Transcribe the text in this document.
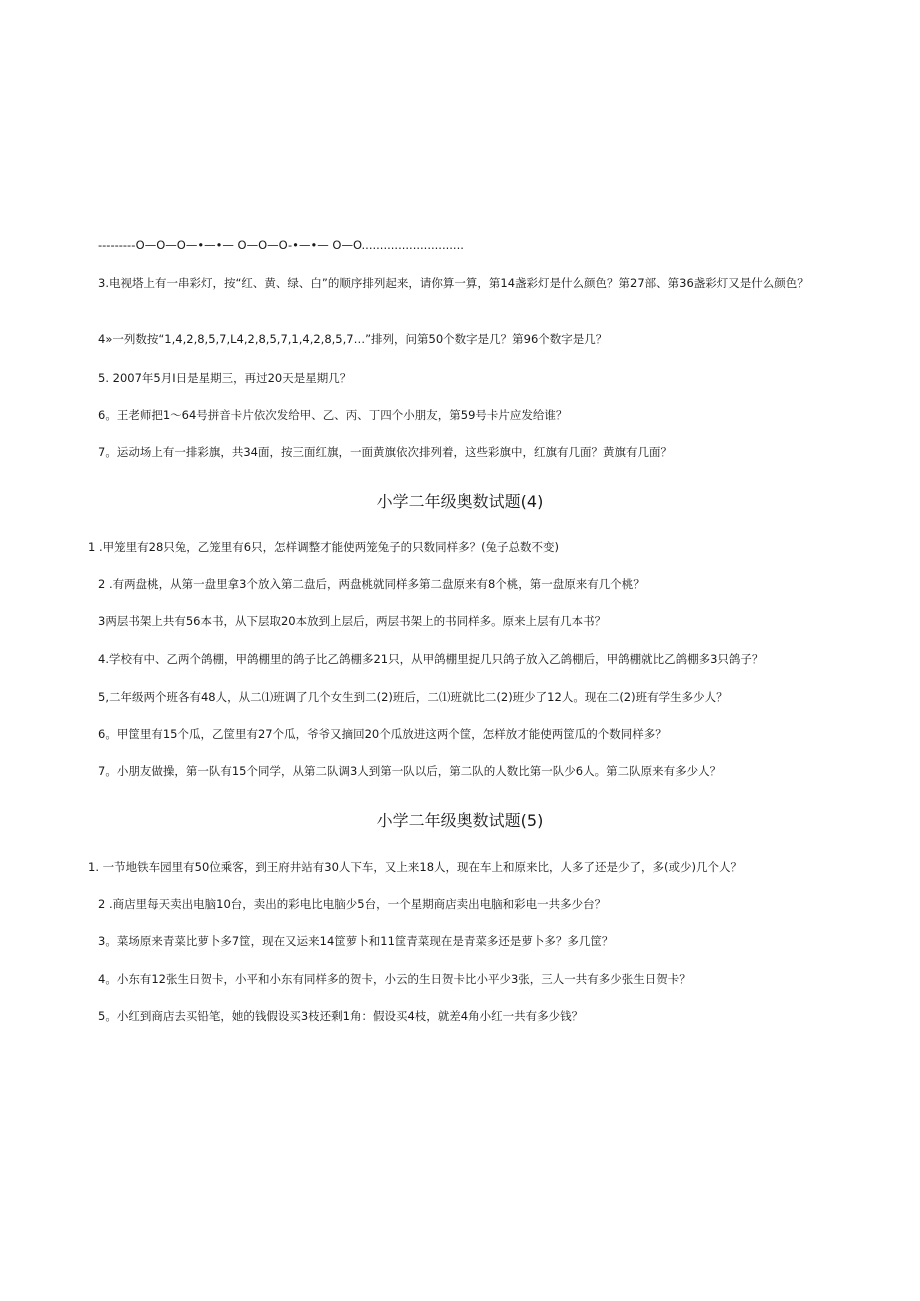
---------O—O—O—•—•— O—O—O-•—•— O—O............................
3.电视塔上有一串彩灯，按“红、黄、绿、白”的顺序排列起来，请你算一算，第14盏彩灯是什么颜色？第27部、第36盏彩灯又是什么颜色？
4»一列数按“1,4,2,8,5,7,L4,2,8,5,7,1,4,2,8,5,7…”排列，问第50个数字是几？第96个数字是几？
5. 2007年5月I日是星期三，再过20天是星期几？
6。王老师把1〜64号拼音卡片依次发给甲、乙、丙、丁四个小朋友，第59号卡片应发给谁？
7。运动场上有一排彩旗，共34面，按三面红旗，一面黄旗依次排列着，这些彩旗中，红旗有几面？黄旗有几面？
小学二年级奥数试题(4)
1 .甲笼里有28只兔，乙笼里有6只，怎样调整才能使两笼兔子的只数同样多？(兔子总数不变)
2 .有两盘桃，从第一盘里拿3个放入第二盘后，两盘桃就同样多第二盘原来有8个桃，第一盘原来有几个桃？
3两层书架上共有56本书，从下层取20本放到上层后，两层书架上的书同样多。原来上层有几本书？
4.学校有中、乙两个鸽棚，甲鸽棚里的鸽子比乙鸽棚多21只，从甲鸽棚里捉几只鸽子放入乙鸽棚后，甲鸽棚就比乙鸽棚多3只鸽子？
5,二年级两个班各有48人，从二⑴班调了几个女生到二(2)班后，二⑴班就比二(2)班少了12人。现在二(2)班有学生多少人？
6。甲筐里有15个瓜，乙筐里有27个瓜，爷爷又摘回20个瓜放进这两个筐，怎样放才能使两筐瓜的个数同样多？
7。小朋友做操，第一队有15个同学，从第二队调3人到第一队以后，第二队的人数比第一队少6人。第二队原来有多少人？
小学二年级奥数试题(5)
1. 一节地铁车园里有50位乘客，到王府井站有30人下车，又上来18人，现在车上和原来比，人多了还是少了，多(或少)几个人？
2 .商店里每天卖出电脑10台，卖出的彩电比电脑少5台，一个星期商店卖出电脑和彩电一共多少台？
3。菜场原来青菜比萝卜多7筐，现在又运来14筐萝卜和11筐青菜现在是青菜多还是萝卜多？多几筐？
4。小东有12张生日贺卡，小平和小东有同样多的贺卡，小云的生日贺卡比小平少3张，三人一共有多少张生日贺卡？
5。小红到商店去买铅笔，她的钱假设买3枝还剩1角：假设买4枝，就差4角小红一共有多少钱？
